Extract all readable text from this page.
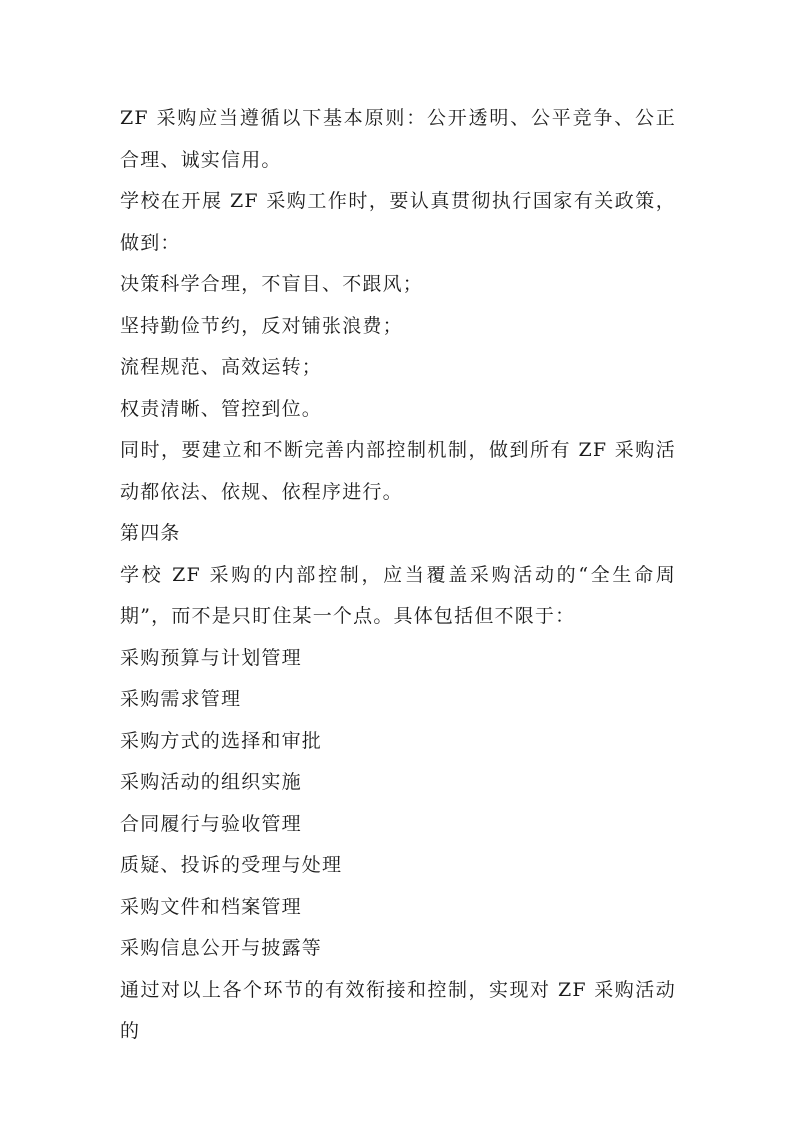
ZF 采购应当遵循以下基本原则：公开透明、公平竞争、公正合理、诚实信用。

学校在开展 ZF 采购工作时，要认真贯彻执行国家有关政策，做到：

决策科学合理，不盲目、不跟风；

坚持勤俭节约，反对铺张浪费；

流程规范、高效运转；

权责清晰、管控到位。

同时，要建立和不断完善内部控制机制，做到所有 ZF 采购活动都依法、依规、依程序进行。

第四条

学校 ZF 采购的内部控制，应当覆盖采购活动的“全生命周期”，而不是只盯住某一个点。具体包括但不限于：

采购预算与计划管理

采购需求管理

采购方式的选择和审批

采购活动的组织实施

合同履行与验收管理

质疑、投诉的受理与处理

采购文件和档案管理

采购信息公开与披露等

通过对以上各个环节的有效衔接和控制，实现对 ZF 采购活动的
